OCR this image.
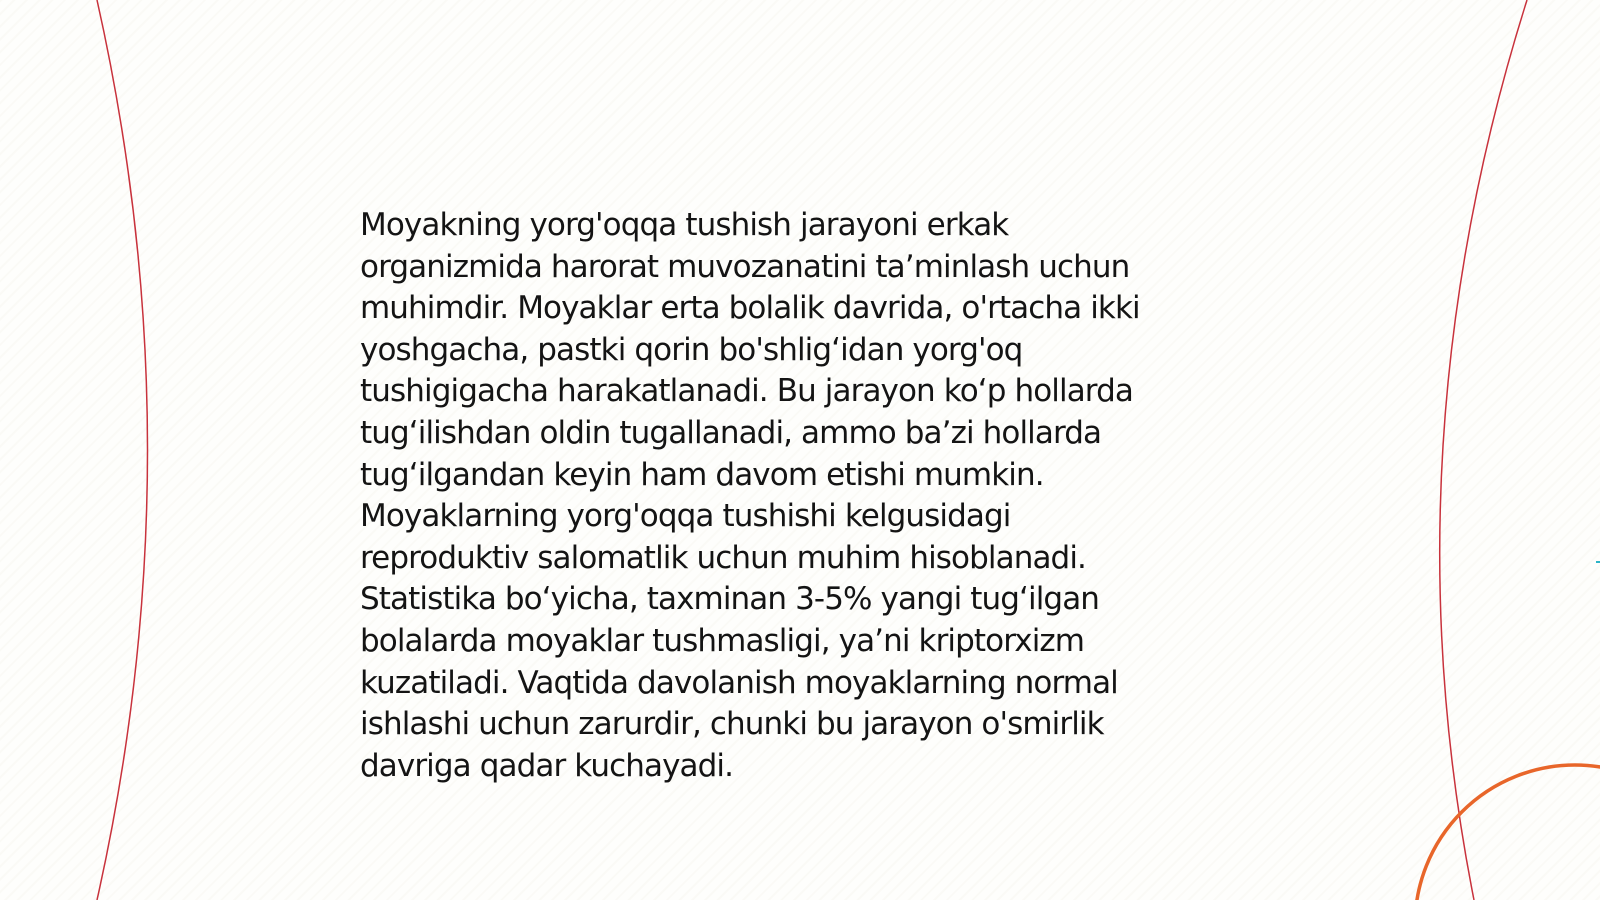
Moyakning yorg'oqqa tushish jarayoni erkak
organizmida harorat muvozanatini ta’minlash uchun
muhimdir. Moyaklar erta bolalik davrida, o'rtacha ikki
yoshgacha, pastki qorin bo'shlig‘idan yorg'oq
tushigigacha harakatlanadi. Bu jarayon ko‘p hollarda
tug‘ilishdan oldin tugallanadi, ammo ba’zi hollarda
tug‘ilgandan keyin ham davom etishi mumkin.
Moyaklarning yorg'oqqa tushishi kelgusidagi
reproduktiv salomatlik uchun muhim hisoblanadi.
Statistika bo‘yicha, taxminan 3-5% yangi tug‘ilgan
bolalarda moyaklar tushmasligi, ya’ni kriptorxizm
kuzatiladi. Vaqtida davolanish moyaklarning normal
ishlashi uchun zarurdir, chunki bu jarayon o'smirlik
davriga qadar kuchayadi.
